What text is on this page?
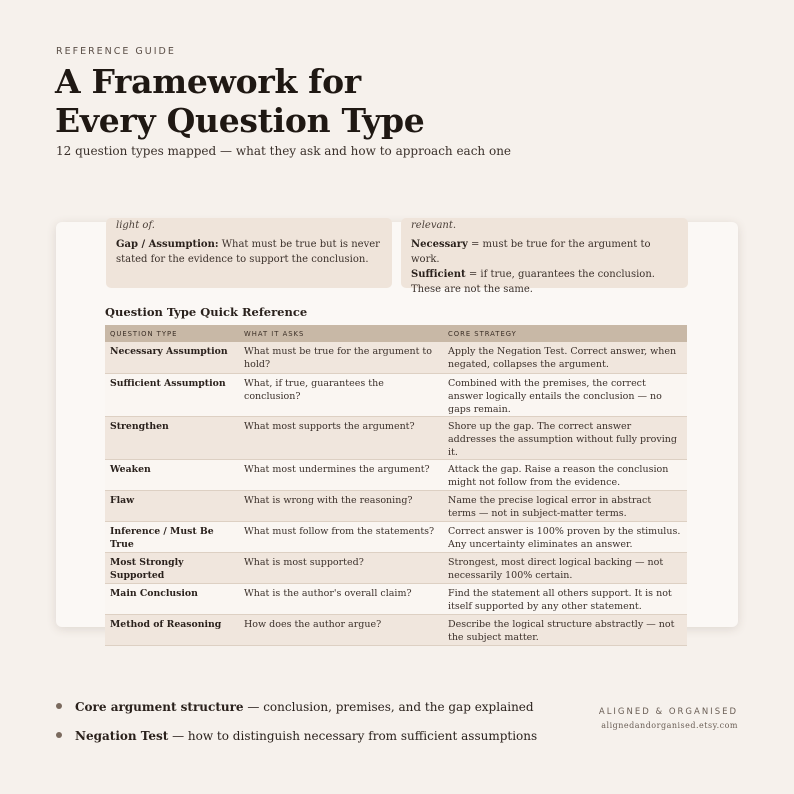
REFERENCE GUIDE
A Framework for
Every Question Type
12 question types mapped — what they ask and how to approach each one
light of.

Gap / Assumption: What must be true but is never stated for the evidence to support the conclusion.

relevant.

Necessary = must be true for the argument to work.
Sufficient = if true, guarantees the conclusion. These are not the same.

Question Type Quick Reference
QUESTION TYPE	WHAT IT ASKS	CORE STRATEGY
Necessary Assumption	What must be true for the argument to hold?	Apply the Negation Test. Correct answer, when negated, collapses the argument.
Sufficient Assumption	What, if true, guarantees the conclusion?	Combined with the premises, the correct answer logically entails the conclusion — no gaps remain.
Strengthen	What most supports the argument?	Shore up the gap. The correct answer addresses the assumption without fully proving it.
Weaken	What most undermines the argument?	Attack the gap. Raise a reason the conclusion might not follow from the evidence.
Flaw	What is wrong with the reasoning?	Name the precise logical error in abstract terms — not in subject-matter terms.
Inference / Must Be True	What must follow from the statements?	Correct answer is 100% proven by the stimulus. Any uncertainty eliminates an answer.
Most Strongly Supported	What is most supported?	Strongest, most direct logical backing — not necessarily 100% certain.
Main Conclusion	What is the author's overall claim?	Find the statement all others support. It is not itself supported by any other statement.
Method of Reasoning	How does the author argue?	Describe the logical structure abstractly — not the subject matter.
Core argument structure — conclusion, premises, and the gap explained
Negation Test — how to distinguish necessary from sufficient assumptions
ALIGNED & ORGANISED
alignedandorganised.etsy.com
